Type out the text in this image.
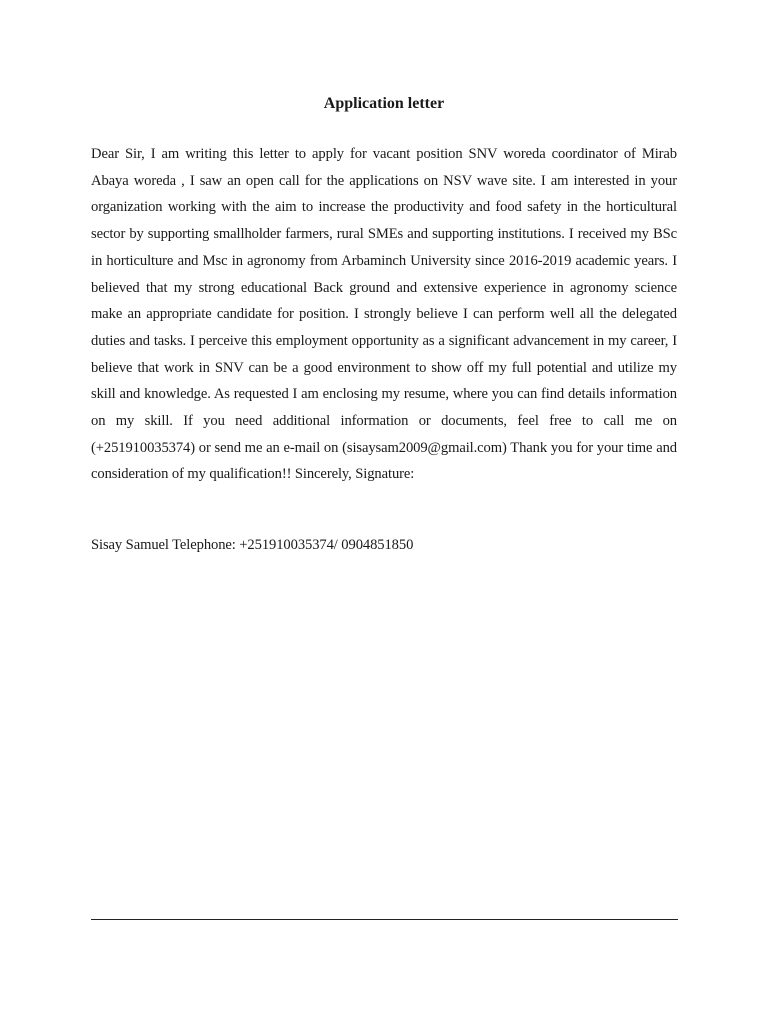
Application letter
Dear Sir, I am writing this letter to apply for vacant position SNV woreda coordinator of Mirab Abaya woreda , I saw an open call for the applications on NSV wave site. I am interested in your organization working with the aim to increase the productivity and food safety in the horticultural sector by supporting smallholder farmers, rural SMEs and supporting institutions. I received my BSc in horticulture and Msc in agronomy from Arbaminch University since 2016-2019 academic years. I believed that my strong educational Back ground and extensive experience in agronomy science make an appropriate candidate for position. I strongly believe I can perform well all the delegated duties and tasks. I perceive this employment opportunity as a significant advancement in my career, I believe that work in SNV can be a good environment to show off my full potential and utilize my skill and knowledge. As requested I am enclosing my resume, where you can find details information on my skill. If you need additional information or documents, feel free to call me on (+251910035374) or send me an e-mail on (sisaysam2009@gmail.com) Thank you for your time and consideration of my qualification!! Sincerely, Signature:
Sisay Samuel Telephone: +251910035374/ 0904851850
